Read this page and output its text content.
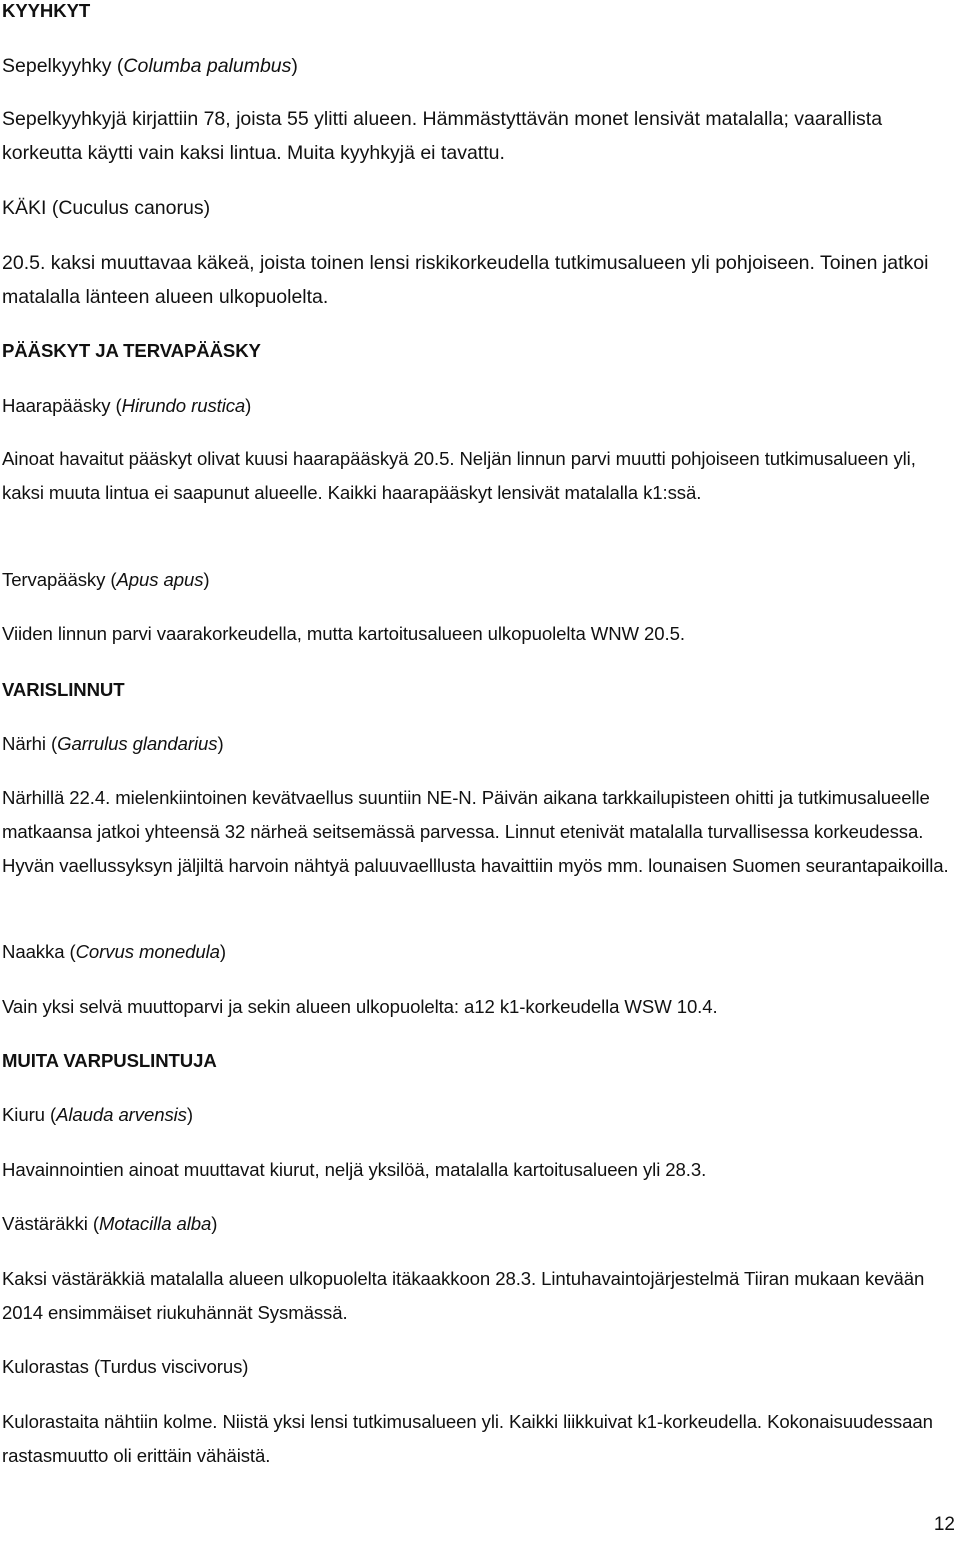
KYYHKYT

Sepelkyyhky (Columba palumbus)

Sepelkyyhkyjä kirjattiin 78, joista 55 ylitti alueen. Hämmästyttävän monet lensivät matalalla; vaarallista korkeutta käytti vain kaksi lintua. Muita kyyhkyjä ei tavattu.

KÄKI (Cuculus canorus)

20.5. kaksi muuttavaa käkeä, joista toinen lensi riskikorkeudella tutkimusalueen yli pohjoiseen. Toinen jatkoi matalalla länteen alueen ulkopuolelta.

PÄÄSKYT JA TERVAPÄÄSKY

Haarapääsky (Hirundo rustica)

Ainoat havaitut pääskyt olivat kuusi haarapääskyä 20.5. Neljän linnun parvi muutti pohjoiseen tutkimusalueen yli, kaksi muuta lintua ei saapunut alueelle. Kaikki haarapääskyt lensivät matalalla k1:ssä.

Tervapääsky (Apus apus)

Viiden linnun parvi vaarakorkeudella, mutta kartoitusalueen ulkopuolelta WNW 20.5.

VARISLINNUT

Närhi (Garrulus glandarius)

Närhillä 22.4. mielenkiintoinen kevätvaellus suuntiin NE-N. Päivän aikana tarkkailupisteen ohitti ja tutkimusalueelle matkaansa jatkoi yhteensä 32 närheä seitsemässä parvessa. Linnut etenivät matalalla turvallisessa korkeudessa. Hyvän vaellussyksyn jäljiltä harvoin nähtyä paluuvaelllusta havaittiin myös mm. lounaisen Suomen seurantapaikoilla.

Naakka (Corvus monedula)

Vain yksi selvä muuttoparvi ja sekin alueen ulkopuolelta: a12 k1-korkeudella WSW 10.4.

MUITA VARPUSLINTUJA

Kiuru (Alauda arvensis)

Havainnointien ainoat muuttavat kiurut, neljä yksilöä, matalalla kartoitusalueen yli 28.3.

Västäräkki (Motacilla alba)

Kaksi västäräkkiä matalalla alueen ulkopuolelta itäkaakkoon 28.3. Lintuhavaintojärjestelmä Tiiran mukaan kevään 2014 ensimmäiset riukuhännät Sysmässä.

Kulorastas (Turdus viscivorus)

Kulorastaita nähtiin kolme. Niistä yksi lensi tutkimusalueen yli. Kaikki liikkuivat k1-korkeudella. Kokonaisuudessaan rastasmuutto oli erittäin vähäistä.

12
